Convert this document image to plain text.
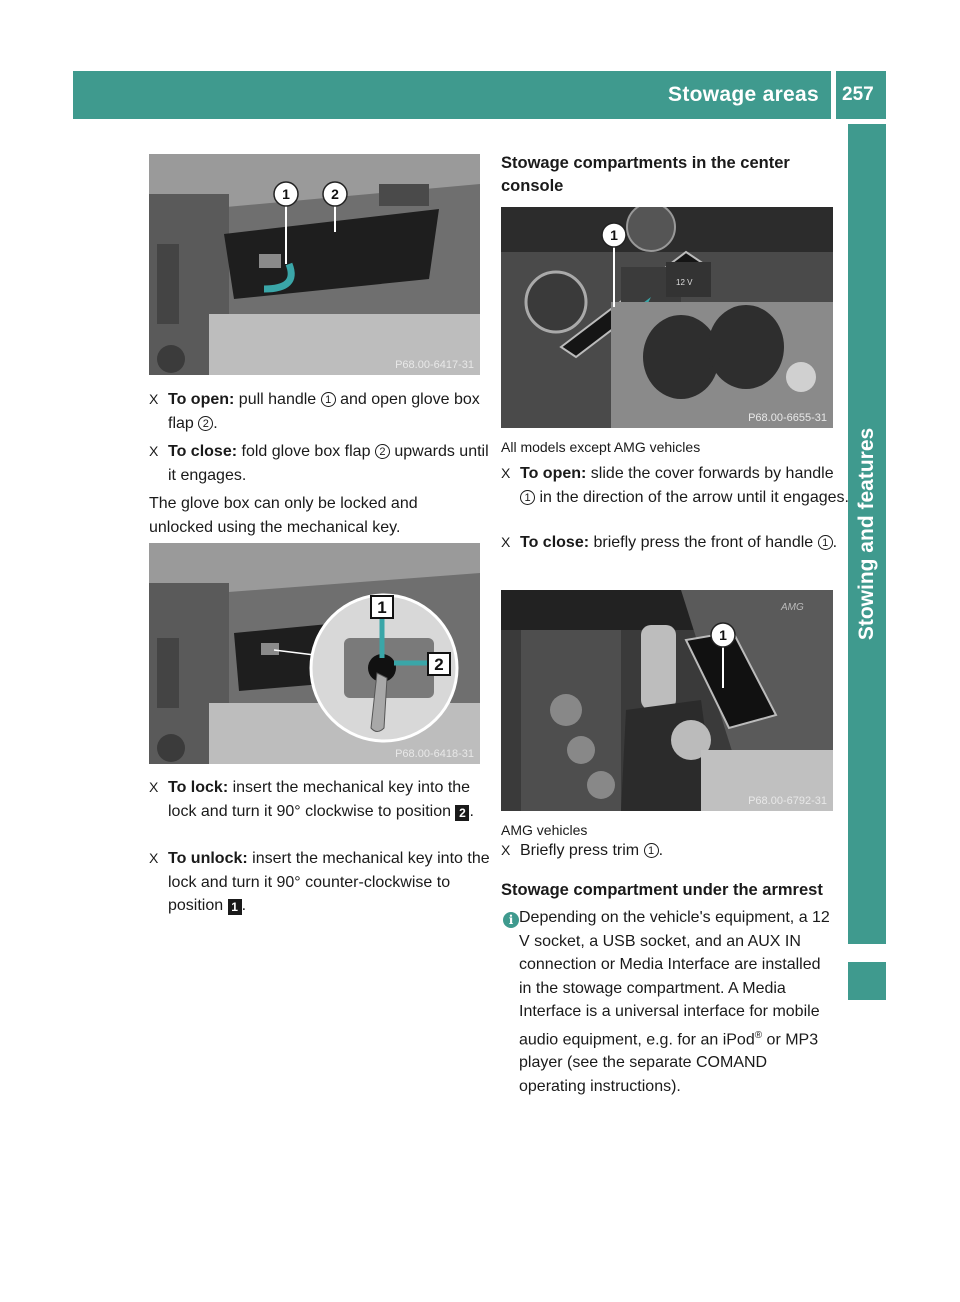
Stowage areas 257
Stowing and features
1	2
P68.00-6417-31
X To open: pull handle 1 and open glove box flap 2 .
X To close: fold glove box flap 2 upwards until it engages.
The glove box can only be locked and unlocked using the mechanical key.
1
2
P68.00-6418-31
X To lock: insert the mechanical key into the lock and turn it 90° clockwise to position 2 .
X To unlock: insert the mechanical key into the lock and turn it 90° counter-clockwise to position 1 .
Stowage compartments in the center console
1
12 V
P68.00-6655-31
All models except AMG vehicles
X To open: slide the cover forwards by handle 1 in the direction of the arrow until it engages.
X To close: briefly press the front of handle 1 .
1
AMG
P68.00-6792-31
AMG vehicles
X Briefly press trim 1 .
Stowage compartment under the armrest
i Depending on the vehicle's equipment, a 12 V socket, a USB socket, and an AUX IN connection or Media Interface are installed in the stowage compartment. A Media Interface is a universal interface for mobile audio equipment, e.g. for an iPod® or MP3 player (see the separate COMAND operating instructions).
